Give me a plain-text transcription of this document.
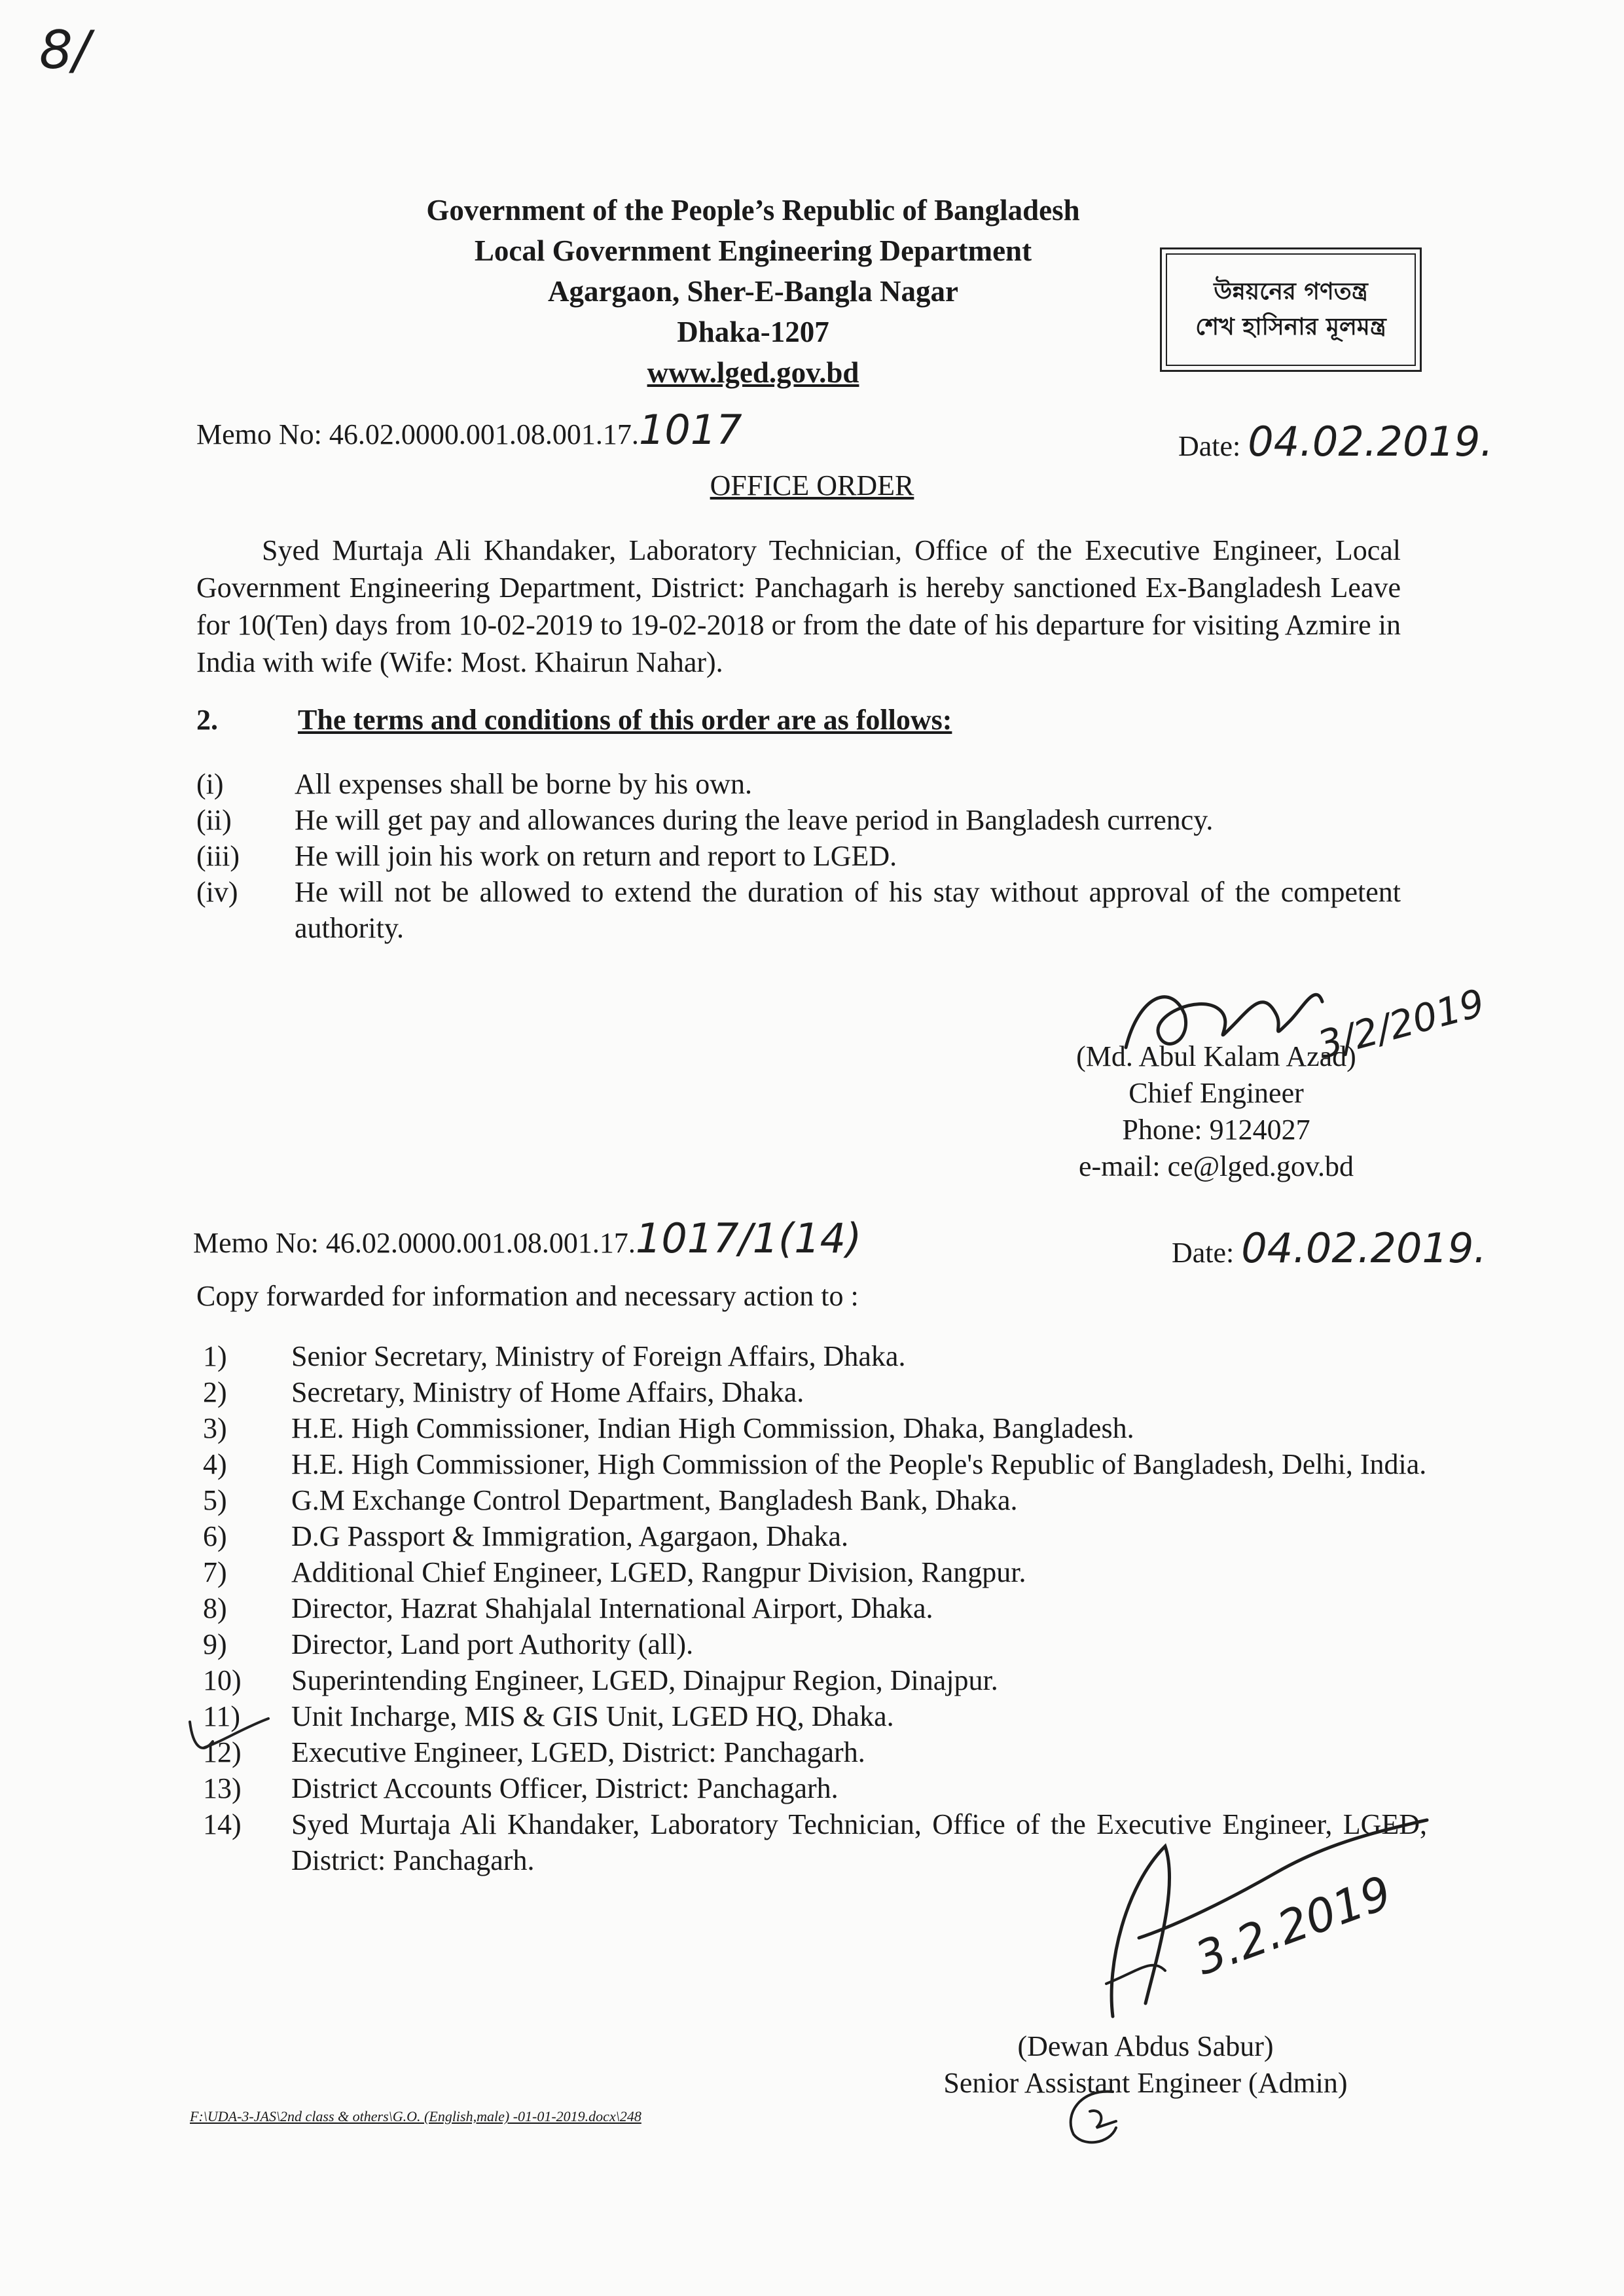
8/
Government of the People’s Republic of Bangladesh
Local Government Engineering Department
Agargaon, Sher-E-Bangla Nagar
Dhaka-1207
www.lged.gov.bd
উন্নয়নের গণতন্ত্র
শেখ হাসিনার মূলমন্ত্র
Memo No: 46.02.0000.001.08.001.17.1017	Date: 04.02.2019.
OFFICE ORDER
Syed Murtaja Ali Khandaker, Laboratory Technician, Office of the Executive Engineer, Local Government Engineering Department, District: Panchagarh is hereby sanctioned Ex-Bangladesh Leave for 10(Ten) days from 10-02-2019 to 19-02-2018 or from the date of his departure for visiting Azmire in India with wife (Wife: Most. Khairun Nahar).
2.	The terms and conditions of this order are as follows:
(i)	All expenses shall be borne by his own.
(ii)	He will get pay and allowances during the leave period in Bangladesh currency.
(iii)	He will join his work on return and report to LGED.
(iv)	He will not be allowed to extend the duration of his stay without approval of the competent authority.
3/2/2019
(Md. Abul Kalam Azad)
Chief Engineer
Phone: 9124027
e-mail: ce@lged.gov.bd
Memo No: 46.02.0000.001.08.001.17.1017/1(14)	Date: 04.02.2019.
Copy forwarded for information and necessary action to :
1)	Senior Secretary, Ministry of Foreign Affairs, Dhaka.
2)	Secretary, Ministry of Home Affairs, Dhaka.
3)	H.E. High Commissioner, Indian High Commission, Dhaka, Bangladesh.
4)	H.E. High Commissioner, High Commission of the People's Republic of Bangladesh, Delhi, India.
5)	G.M Exchange Control Department, Bangladesh Bank, Dhaka.
6)	D.G Passport & Immigration, Agargaon, Dhaka.
7)	Additional Chief Engineer, LGED, Rangpur Division, Rangpur.
8)	Director, Hazrat Shahjalal International Airport, Dhaka.
9)	Director, Land port Authority (all).
10)	Superintending Engineer, LGED, Dinajpur Region, Dinajpur.
11)	Unit Incharge, MIS & GIS Unit, LGED HQ, Dhaka.
12)	Executive Engineer, LGED, District: Panchagarh.
13)	District Accounts Officer, District: Panchagarh.
14)	Syed Murtaja Ali Khandaker, Laboratory Technician, Office of the Executive Engineer, LGED, District: Panchagarh.
3.2.2019
(Dewan Abdus Sabur)
Senior Assistant Engineer (Admin)
F:\UDA-3-JAS\2nd class & others\G.O. (English,male) -01-01-2019.docx\248
